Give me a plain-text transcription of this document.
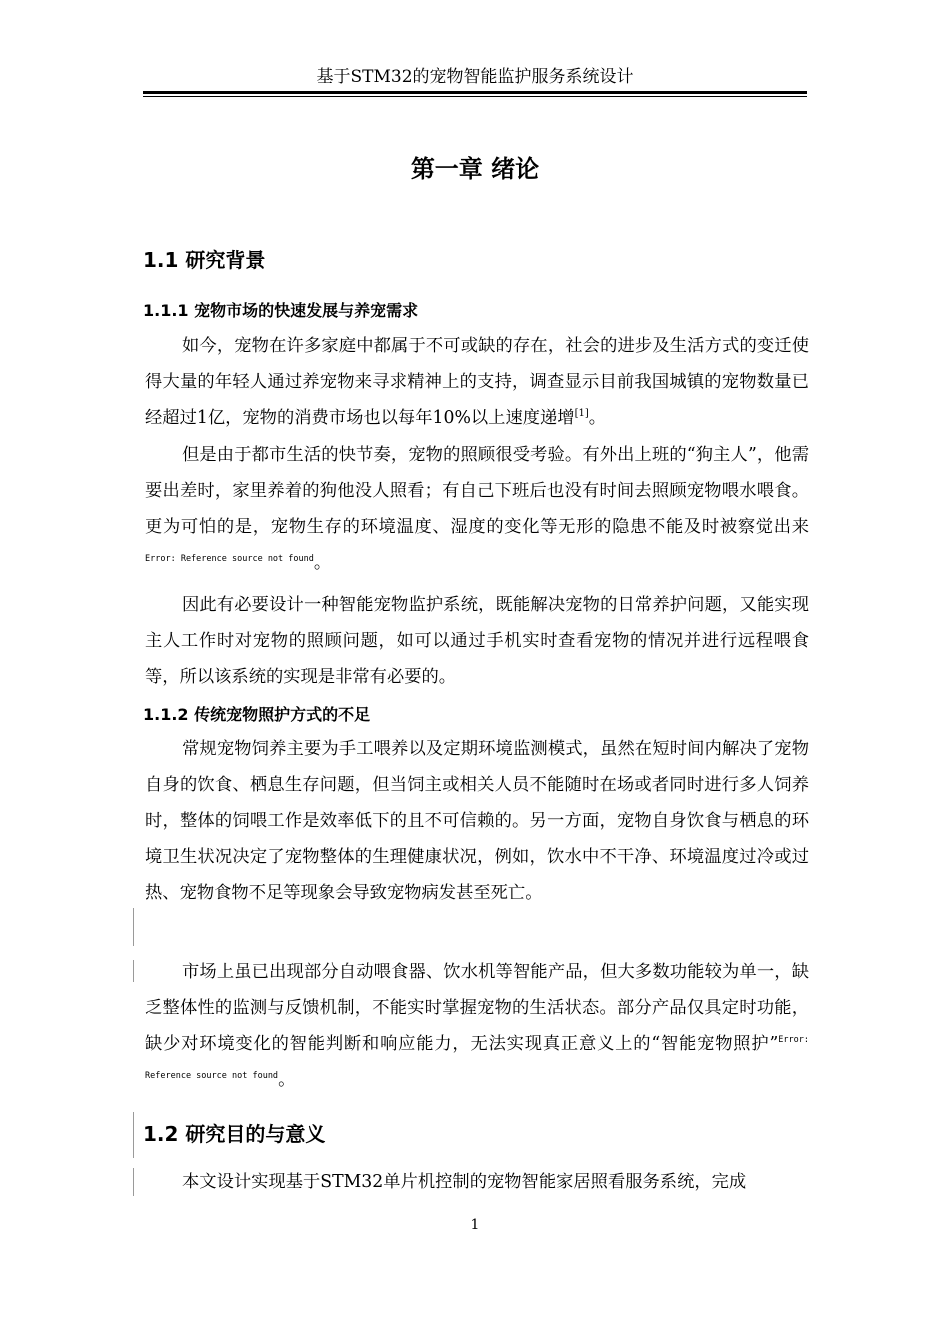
基于STM32的宠物智能监护服务系统设计
第一章 绪论
1.1 研究背景
1.1.1 宠物市场的快速发展与养宠需求

如今，宠物在许多家庭中都属于不可或缺的存在，社会的进步及生活方式的变迁使得大量的年轻人通过养宠物来寻求精神上的支持，调查显示目前我国城镇的宠物数量已经超过1亿，宠物的消费市场也以每年10%以上速度递增[1]。

但是由于都市生活的快节奏，宠物的照顾很受考验。有外出上班的“狗主人”，他需要出差时，家里养着的狗他没人照看；有自己下班后也没有时间去照顾宠物喂水喂食。更为可怕的是，宠物生存的环境温度、湿度的变化等无形的隐患不能及时被察觉出来$^{Error: Reference source not found}$。

因此有必要设计一种智能宠物监护系统，既能解决宠物的日常养护问题，又能实现主人工作时对宠物的照顾问题，如可以通过手机实时查看宠物的情况并进行远程喂食等，所以该系统的实现是非常有必要的。

1.1.2 传统宠物照护方式的不足

常规宠物饲养主要为手工喂养以及定期环境监测模式，虽然在短时间内解决了宠物自身的饮食、栖息生存问题，但当饲主或相关人员不能随时在场或者同时进行多人饲养时，整体的饲喂工作是效率低下的且不可信赖的。另一方面，宠物自身饮食与栖息的环境卫生状况决定了宠物整体的生理健康状况，例如，饮水中不干净、环境温度过冷或过热、宠物食物不足等现象会导致宠物病发甚至死亡。

市场上虽已出现部分自动喂食器、饮水机等智能产品，但大多数功能较为单一，缺乏整体性的监测与反馈机制，不能实时掌握宠物的生活状态。部分产品仅具定时功能，缺少对环境变化的智能判断和响应能力，无法实现真正意义上的“智能宠物照护”$^{Error: Reference source not found}$。

1.2 研究目的与意义

本文设计实现基于STM32单片机控制的宠物智能家居照看服务系统，完成

1
